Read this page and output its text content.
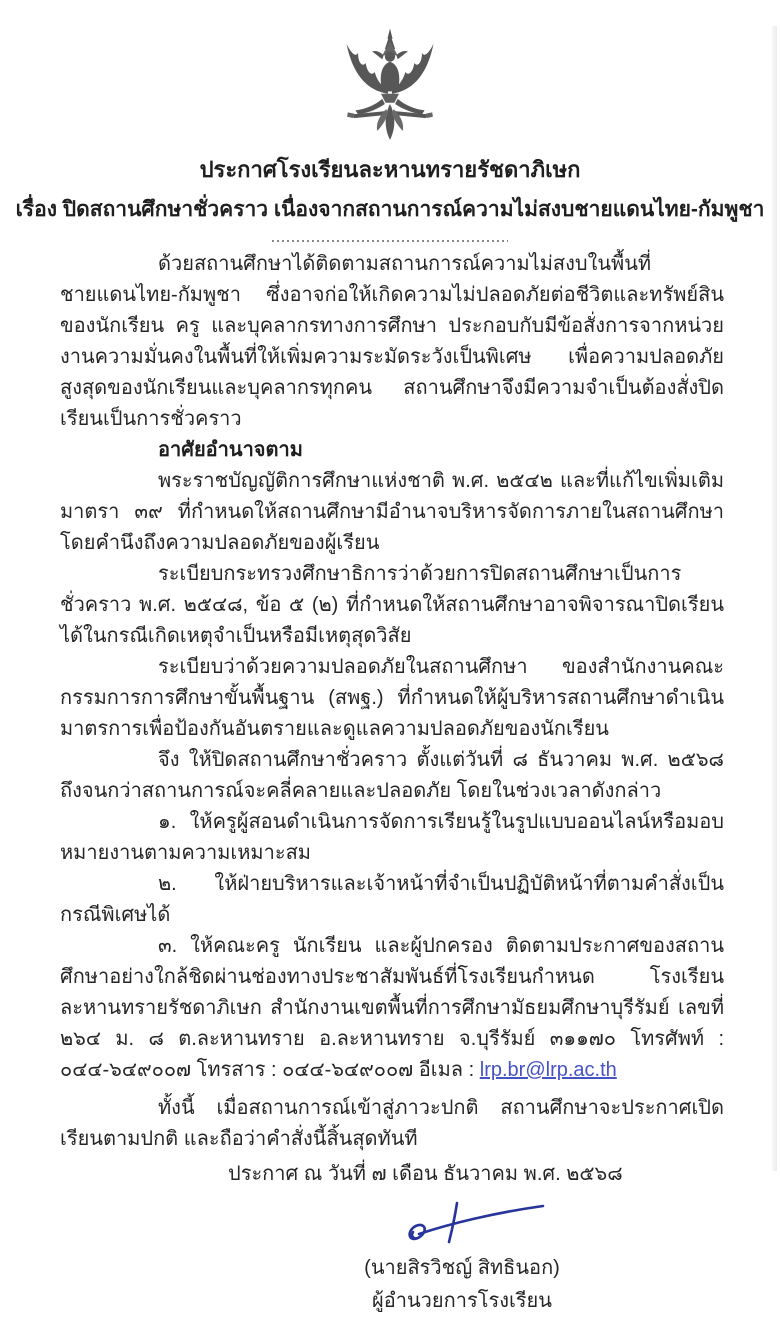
ประกาศโรงเรียนละหานทรายรัชดาภิเษก
เรื่อง ปิดสถานศึกษาชั่วคราว เนื่องจากสถานการณ์ความไม่สงบชายแดนไทย-กัมพูชา

ด้วยสถานศึกษาได้ติดตามสถานการณ์ความไม่สงบในพื้นที่ชายแดนไทย-กัมพูชา ซึ่งอาจก่อให้เกิดความไม่ปลอดภัยต่อชีวิตและทรัพย์สินของนักเรียน ครู และบุคลากรทางการศึกษา ประกอบกับมีข้อสั่งการจากหน่วยงานความมั่นคงในพื้นที่ให้เพิ่มความระมัดระวังเป็นพิเศษ เพื่อความปลอดภัยสูงสุดของนักเรียนและบุคลากรทุกคน สถานศึกษาจึงมีความจำเป็นต้องสั่งปิดเรียนเป็นการชั่วคราว

อาศัยอำนาจตาม

พระราชบัญญัติการศึกษาแห่งชาติ พ.ศ. ๒๕๔๒ และที่แก้ไขเพิ่มเติม มาตรา ๓๙ ที่กำหนดให้สถานศึกษามีอำนาจบริหารจัดการภายในสถานศึกษาโดยคำนึงถึงความปลอดภัยของผู้เรียน

ระเบียบกระทรวงศึกษาธิการว่าด้วยการปิดสถานศึกษาเป็นการชั่วคราว พ.ศ. ๒๕๔๘, ข้อ ๕ (๒) ที่กำหนดให้สถานศึกษาอาจพิจารณาปิดเรียนได้ในกรณีเกิดเหตุจำเป็นหรือมีเหตุสุดวิสัย

ระเบียบว่าด้วยความปลอดภัยในสถานศึกษา ของสำนักงานคณะกรรมการการศึกษาขั้นพื้นฐาน (สพฐ.) ที่กำหนดให้ผู้บริหารสถานศึกษาดำเนินมาตรการเพื่อป้องกันอันตรายและดูแลความปลอดภัยของนักเรียน

จึง ให้ปิดสถานศึกษาชั่วคราว ตั้งแต่วันที่ ๘ ธันวาคม พ.ศ. ๒๕๖๘ ถึงจนกว่าสถานการณ์จะคลี่คลายและปลอดภัย โดยในช่วงเวลาดังกล่าว

๑. ให้ครูผู้สอนดำเนินการจัดการเรียนรู้ในรูปแบบออนไลน์หรือมอบหมายงานตามความเหมาะสม

๒. ให้ฝ่ายบริหารและเจ้าหน้าที่จำเป็นปฏิบัติหน้าที่ตามคำสั่งเป็นกรณีพิเศษได้

๓. ให้คณะครู นักเรียน และผู้ปกครอง ติดตามประกาศของสถานศึกษาอย่างใกล้ชิดผ่านช่องทางประชาสัมพันธ์ที่โรงเรียนกำหนด โรงเรียนละหานทรายรัชดาภิเษก สำนักงานเขตพื้นที่การศึกษามัธยมศึกษาบุรีรัมย์ เลขที่ ๒๖๔ ม. ๘ ต.ละหานทราย อ.ละหานทราย จ.บุรีรัมย์ ๓๑๑๗๐ โทรศัพท์ : ๐๔๔-๖๔๙๐๐๗ โทรสาร : ๐๔๔-๖๔๙๐๐๗ อีเมล : lrp.br@lrp.ac.th

ทั้งนี้ เมื่อสถานการณ์เข้าสู่ภาวะปกติ สถานศึกษาจะประกาศเปิดเรียนตามปกติ และถือว่าคำสั่งนี้สิ้นสุดทันที

ประกาศ ณ วันที่ ๗ เดือน ธันวาคม พ.ศ. ๒๕๖๘

(นายสิรวิชญ์ สิทธินอก)
ผู้อำนวยการโรงเรียน
